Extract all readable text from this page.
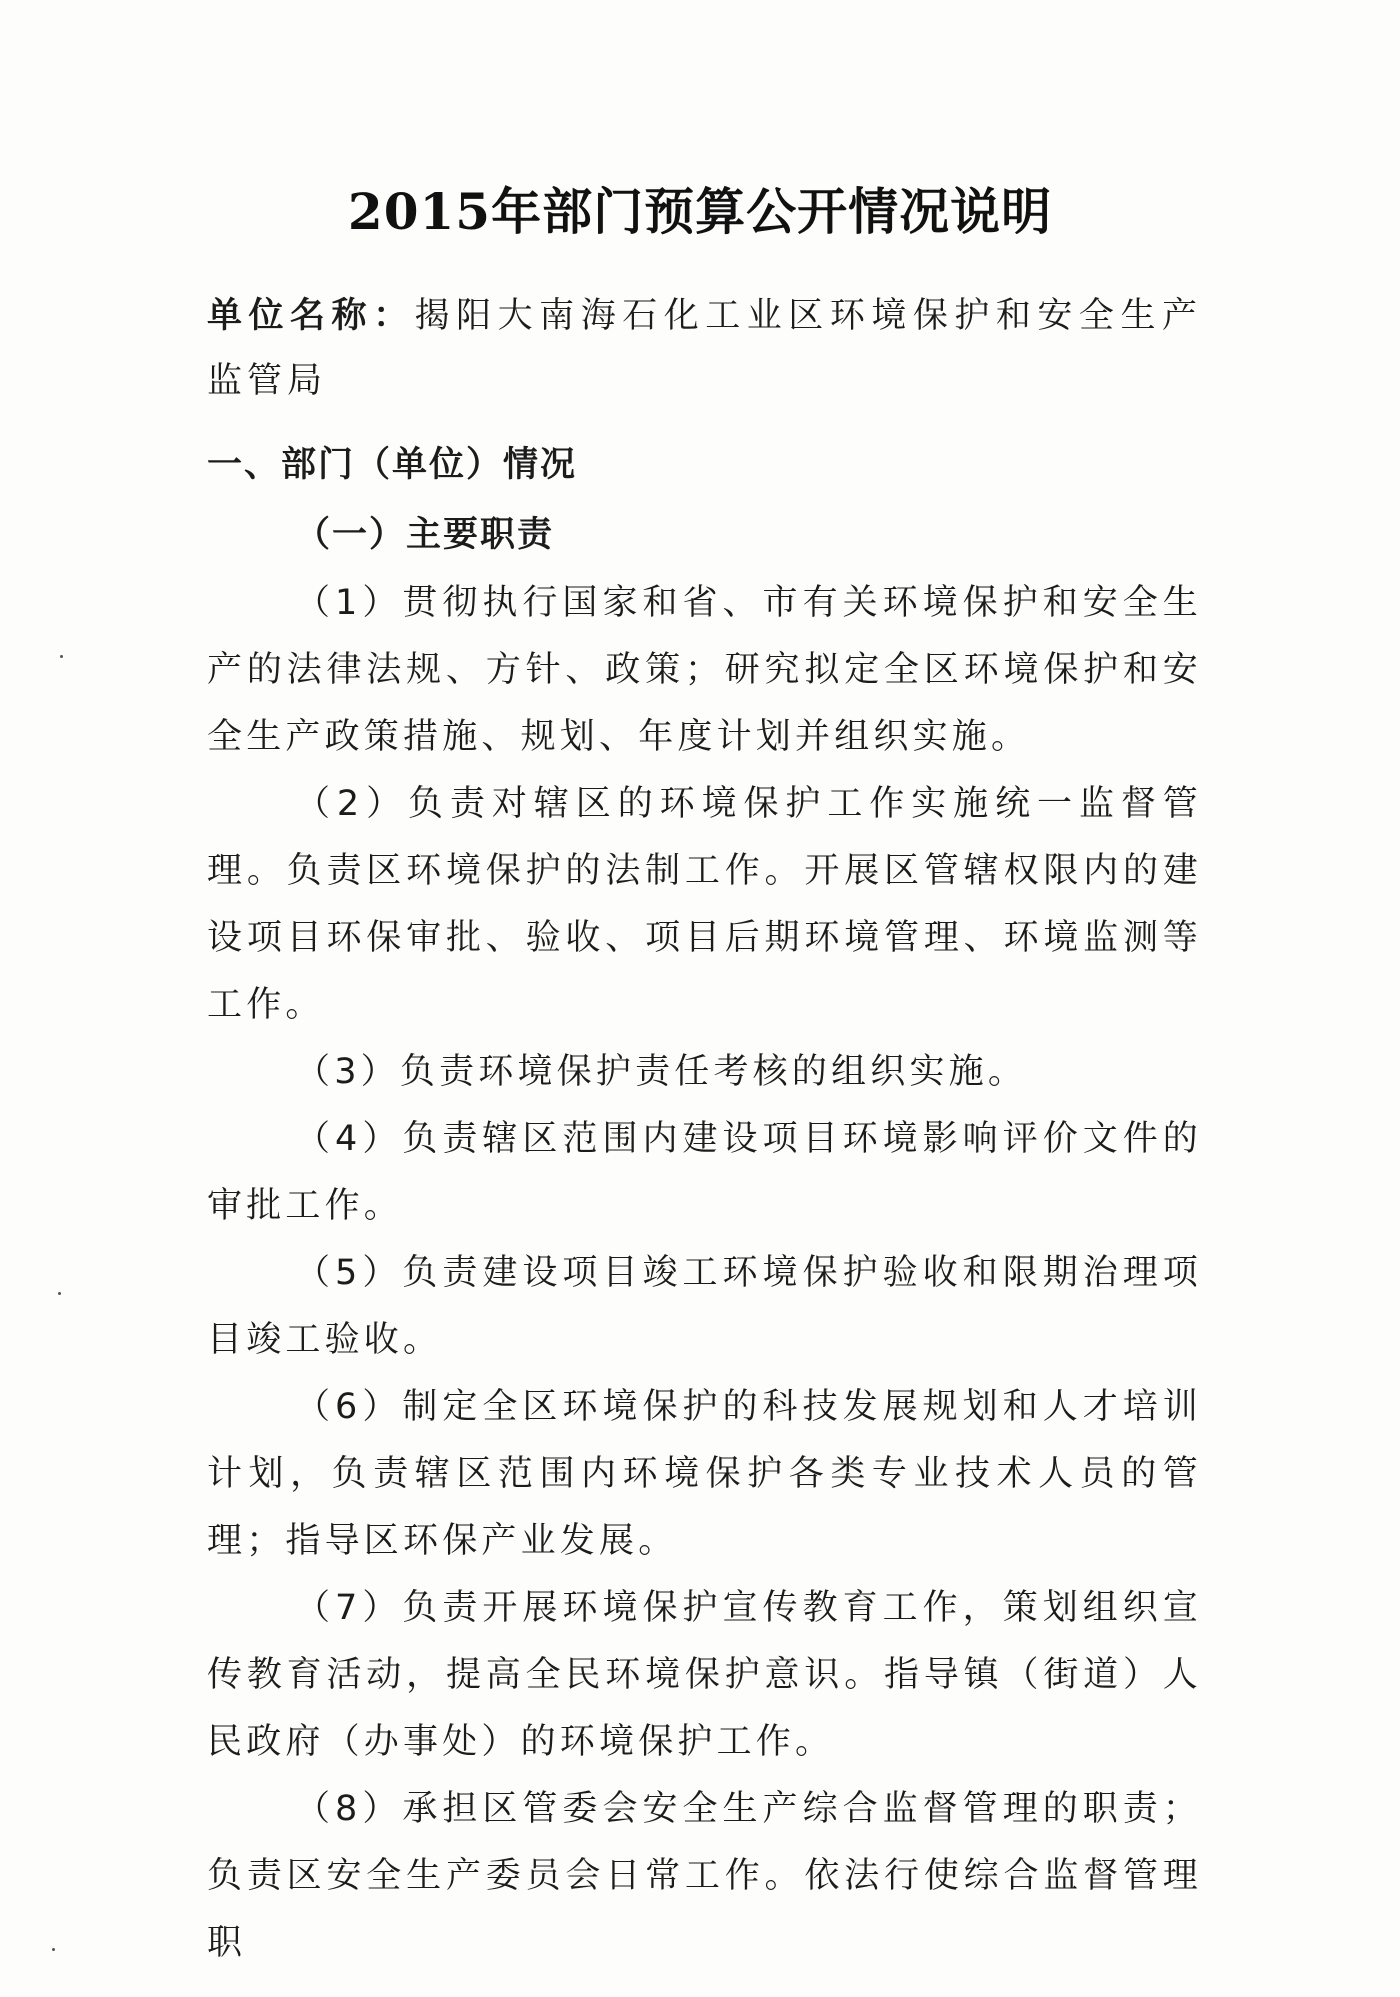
2015年部门预算公开情况说明
单位名称：揭阳大南海石化工业区环境保护和安全生产监管局
一、部门（单位）情况
（一）主要职责

（1）贯彻执行国家和省、市有关环境保护和安全生产的法律法规、方针、政策；研究拟定全区环境保护和安全生产政策措施、规划、年度计划并组织实施。

（2）负责对辖区的环境保护工作实施统一监督管理。负责区环境保护的法制工作。开展区管辖权限内的建设项目环保审批、验收、项目后期环境管理、环境监测等工作。

（3）负责环境保护责任考核的组织实施。

（4）负责辖区范围内建设项目环境影响评价文件的审批工作。

（5）负责建设项目竣工环境保护验收和限期治理项目竣工验收。

（6）制定全区环境保护的科技发展规划和人才培训计划，负责辖区范围内环境保护各类专业技术人员的管理；指导区环保产业发展。

（7）负责开展环境保护宣传教育工作，策划组织宣传教育活动，提高全民环境保护意识。指导镇（街道）人民政府（办事处）的环境保护工作。

（8）承担区管委会安全生产综合监督管理的职责；负责区安全生产委员会日常工作。依法行使综合监督管理职
